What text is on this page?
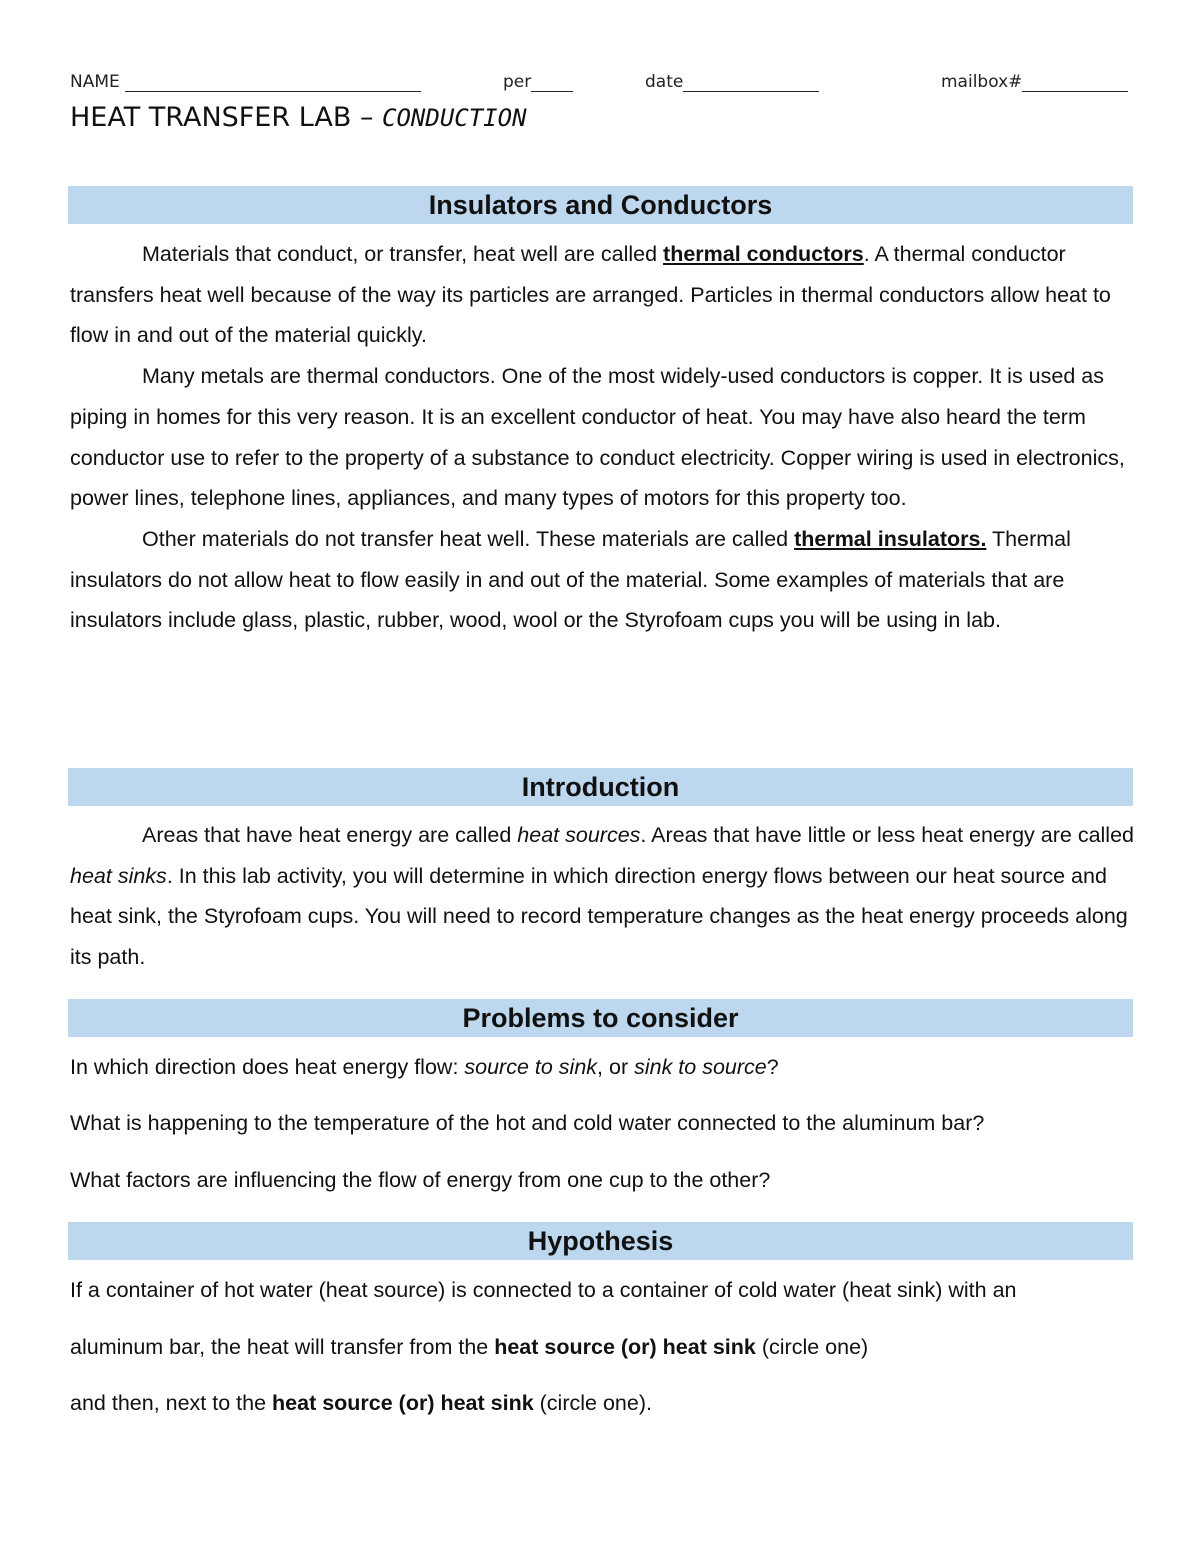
NAME	per	date	mailbox#
HEAT TRANSFER LAB – CONDUCTION
Insulators and Conductors

Materials that conduct, or transfer, heat well are called thermal conductors. A thermal conductor transfers heat well because of the way its particles are arranged. Particles in thermal conductors allow heat to flow in and out of the material quickly.

Many metals are thermal conductors. One of the most widely-used conductors is copper. It is used as piping in homes for this very reason. It is an excellent conductor of heat. You may have also heard the term conductor use to refer to the property of a substance to conduct electricity. Copper wiring is used in electronics, power lines, telephone lines, appliances, and many types of motors for this property too.

Other materials do not transfer heat well. These materials are called thermal insulators. Thermal insulators do not allow heat to flow easily in and out of the material. Some examples of materials that are insulators include glass, plastic, rubber, wood, wool or the Styrofoam cups you will be using in lab.

Introduction

Areas that have heat energy are called heat sources. Areas that have little or less heat energy are called heat sinks. In this lab activity, you will determine in which direction energy flows between our heat source and heat sink, the Styrofoam cups. You will need to record temperature changes as the heat energy proceeds along its path.

Problems to consider
In which direction does heat energy flow: source to sink, or sink to source?
What is happening to the temperature of the hot and cold water connected to the aluminum bar?
What factors are influencing the flow of energy from one cup to the other?
Hypothesis
If a container of hot water (heat source) is connected to a container of cold water (heat sink) with an
aluminum bar, the heat will transfer from the heat source (or) heat sink (circle one)
and then, next to the heat source (or) heat sink (circle one).
